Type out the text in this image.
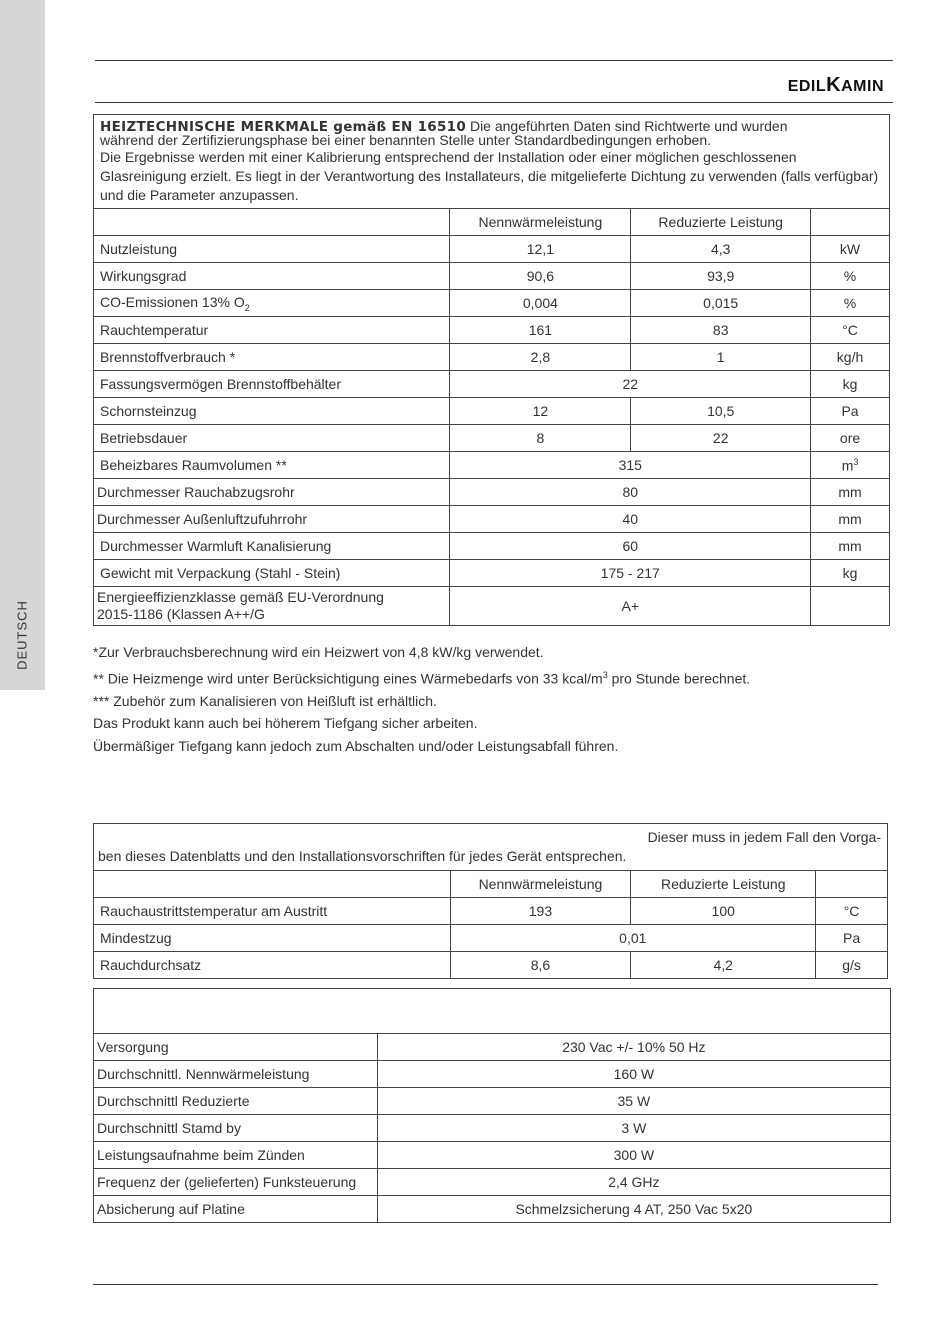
DEUTSCH
EDILKAMIN
HEIZTECHNISCHE MERKMALE gemäß EN 16510 Die angeführten Daten sind Richtwerte und wurden

während der Zertifizierungsphase bei einer benannten Stelle unter Standardbedingungen erhoben.
Die Ergebnisse werden mit einer Kalibrierung entsprechend der Installation oder einer möglichen geschlossenen Glasreinigung erzielt. Es liegt in der Verantwortung des Installateurs, die mitgelieferte Dichtung zu verwenden (falls verfügbar) und die Parameter anzupassen.			

	Nennwärmeleistung	Reduzierte Leistung	
Nutzleistung	12,1	4,3	kW
Wirkungsgrad	90,6	93,9	%
CO-Emissionen 13% $O_2$	0,004	0,015	%
Rauchtemperatur	161	83	°C
Brennstoffverbrauch *	2,8	1	kg/h
Fassungsvermögen Brennstoffbehälter	22		kg
Schornsteinzug	12	10,5	Pa
Betriebsdauer	8	22	ore
Beheizbares Raumvolumen **	315		$m^3$
Durchmesser Rauchabzugsrohr	80		mm
Durchmesser Außenluftzufuhrrohr	40		mm
Durchmesser Warmluft Kanalisierung	60		mm
Gewicht mit Verpackung (Stahl - Stein)	175 - 217		kg
Energieeffizienzklasse gemäß EU-Verordnung
2015-1186 (Klassen A++/G	A+		

*Zur Verbrauchsberechnung wird ein Heizwert von 4,8 kW/kg verwendet.

** Die Heizmenge wird unter Berücksichtigung eines Wärmebedarfs von 33 kcal/$m^3$ pro Stunde berechnet.

*** Zubehör zum Kanalisieren von Heißluft ist erhältlich.

Das Produkt kann auch bei höherem Tiefgang sicher arbeiten.

Übermäßiger Tiefgang kann jedoch zum Abschalten und/oder Leistungsabfall führen.

Dieser muss in jedem Fall den Vorga-
ben dieses Datenblatts und den Installationsvorschriften für jedes Gerät entsprechen.			

	Nennwärmeleistung	Reduzierte Leistung	
Rauchaustrittstemperatur am Austritt	193	100	°C
Mindestzug	0,01		Pa
Rauchdurchsatz	8,6	4,2	g/s

Versorgung	230 Vac +/- 10% 50 Hz
Durchschnittl. Nennwärmeleistung	160 W
Durchschnittl Reduzierte	35 W
Durchschnittl Stamd by	3 W
Leistungsaufnahme beim Zünden	300 W
Frequenz der (gelieferten) Funksteuerung	2,4 GHz
Absicherung auf Platine	Schmelzsicherung 4 AT, 250 Vac 5x20
